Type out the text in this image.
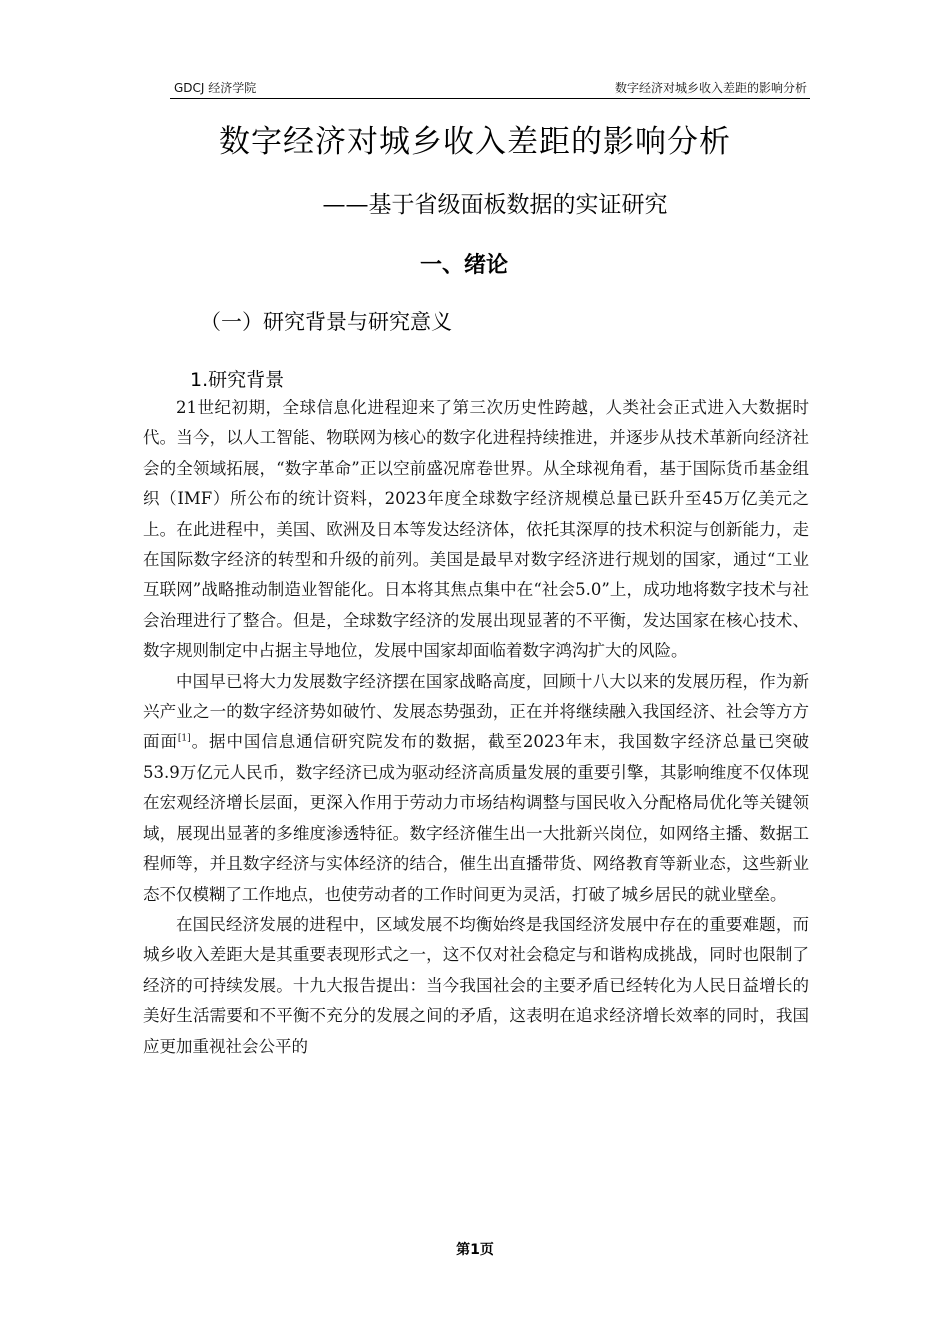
GDCJ 经济学院	数字经济对城乡收入差距的影响分析
数字经济对城乡收入差距的影响分析
——基于省级面板数据的实证研究
一、绪论
（一）研究背景与研究意义
1.研究背景

21世纪初期，全球信息化进程迎来了第三次历史性跨越，人类社会正式进入大数据时代。当今，以人工智能、物联网为核心的数字化进程持续推进，并逐步从技术革新向经济社会的全领域拓展，“数字革命”正以空前盛况席卷世界。从全球视角看，基于国际货币基金组织（IMF）所公布的统计资料，2023年度全球数字经济规模总量已跃升至45万亿美元之上。在此进程中，美国、欧洲及日本等发达经济体，依托其深厚的技术积淀与创新能力，走在国际数字经济的转型和升级的前列。美国是最早对数字经济进行规划的国家，通过“工业互联网”战略推动制造业智能化。日本将其焦点集中在“社会5.0”上，成功地将数字技术与社会治理进行了整合。但是，全球数字经济的发展出现显著的不平衡，发达国家在核心技术、数字规则制定中占据主导地位，发展中国家却面临着数字鸿沟扩大的风险。

中国早已将大力发展数字经济摆在国家战略高度，回顾十八大以来的发展历程，作为新兴产业之一的数字经济势如破竹、发展态势强劲，正在并将继续融入我国经济、社会等方方面面[1]。据中国信息通信研究院发布的数据，截至2023年末，我国数字经济总量已突破53.9万亿元人民币，数字经济已成为驱动经济高质量发展的重要引擎，其影响维度不仅体现在宏观经济增长层面，更深入作用于劳动力市场结构调整与国民收入分配格局优化等关键领域，展现出显著的多维度渗透特征。数字经济催生出一大批新兴岗位，如网络主播、数据工程师等，并且数字经济与实体经济的结合，催生出直播带货、网络教育等新业态，这些新业态不仅模糊了工作地点，也使劳动者的工作时间更为灵活，打破了城乡居民的就业壁垒。

在国民经济发展的进程中，区域发展不均衡始终是我国经济发展中存在的重要难题，而城乡收入差距大是其重要表现形式之一，这不仅对社会稳定与和谐构成挑战，同时也限制了经济的可持续发展。十九大报告提出：当今我国社会的主要矛盾已经转化为人民日益增长的美好生活需要和不平衡不充分的发展之间的矛盾，这表明在追求经济增长效率的同时，我国应更加重视社会公平的

第1页
